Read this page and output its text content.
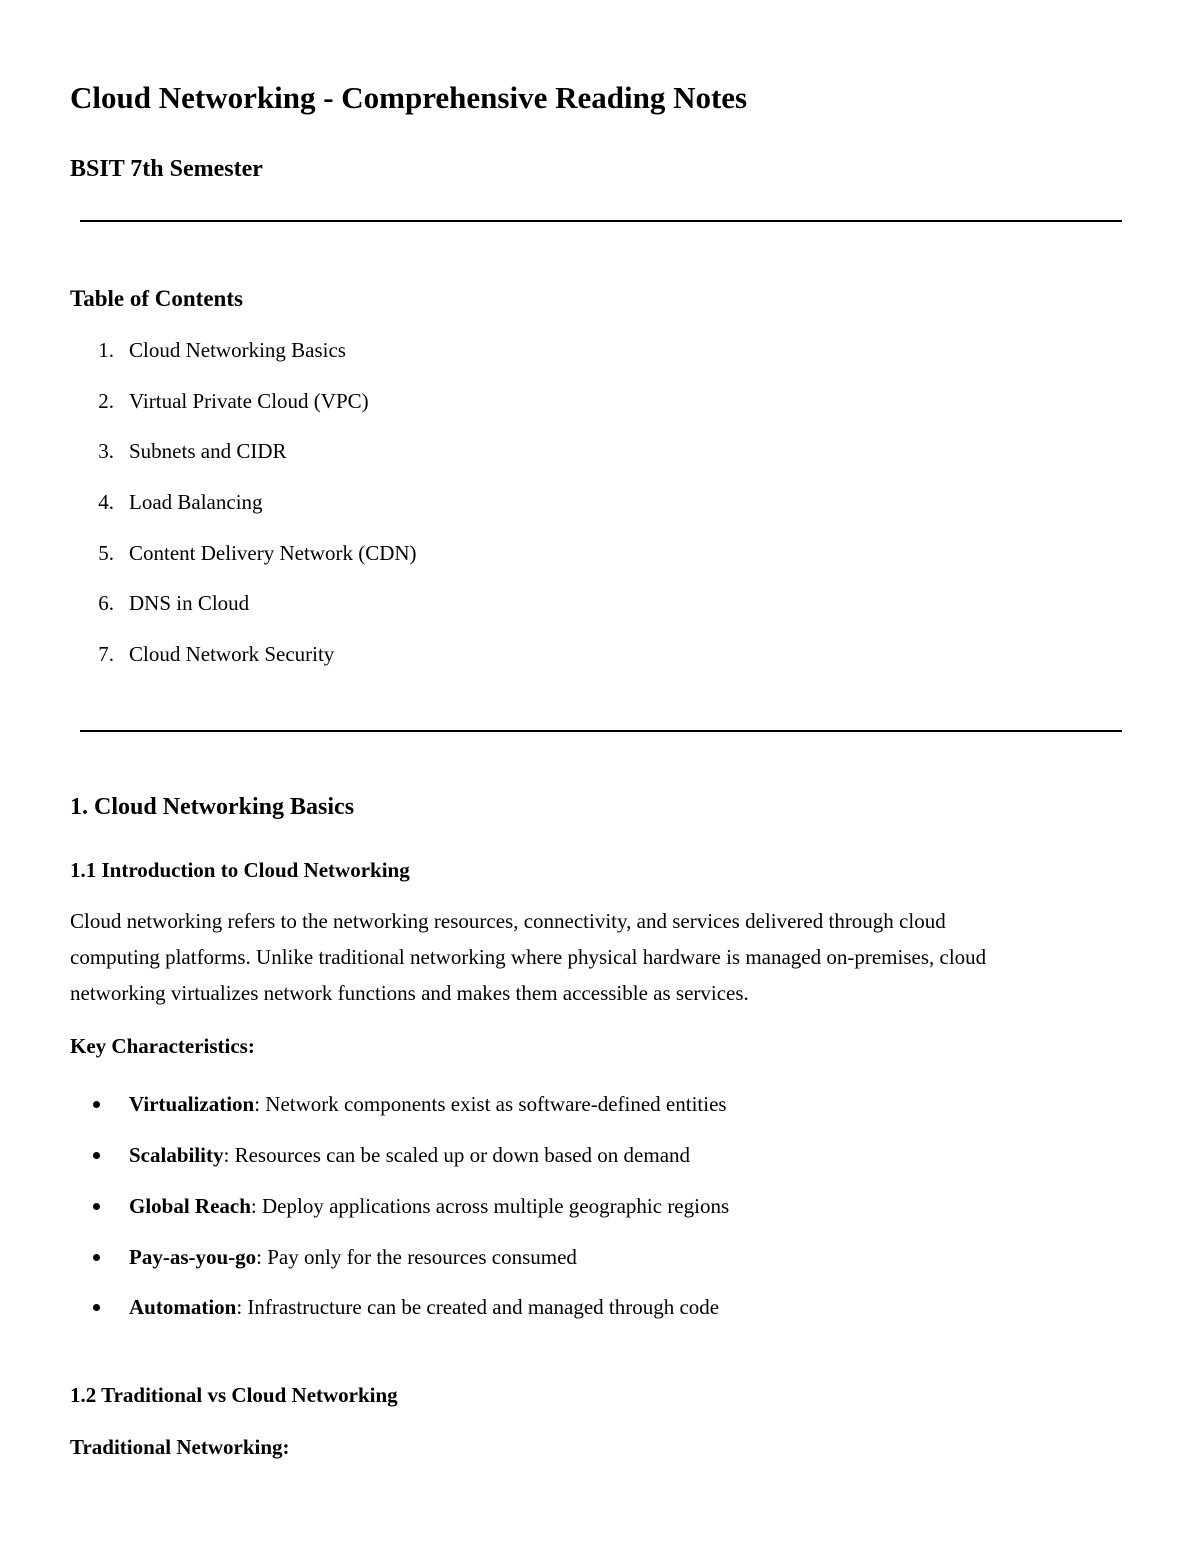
Cloud Networking - Comprehensive Reading Notes
BSIT 7th Semester
Table of Contents
1. Cloud Networking Basics
2. Virtual Private Cloud (VPC)
3. Subnets and CIDR
4. Load Balancing
5. Content Delivery Network (CDN)
6. DNS in Cloud
7. Cloud Network Security
1. Cloud Networking Basics
1.1 Introduction to Cloud Networking

Cloud networking refers to the networking resources, connectivity, and services delivered through cloud
computing platforms. Unlike traditional networking where physical hardware is managed on-premises, cloud
networking virtualizes network functions and makes them accessible as services.

Key Characteristics:
Virtualization: Network components exist as software-defined entities
Scalability: Resources can be scaled up or down based on demand
Global Reach: Deploy applications across multiple geographic regions
Pay-as-you-go: Pay only for the resources consumed
Automation: Infrastructure can be created and managed through code
1.2 Traditional vs Cloud Networking
Traditional Networking:
